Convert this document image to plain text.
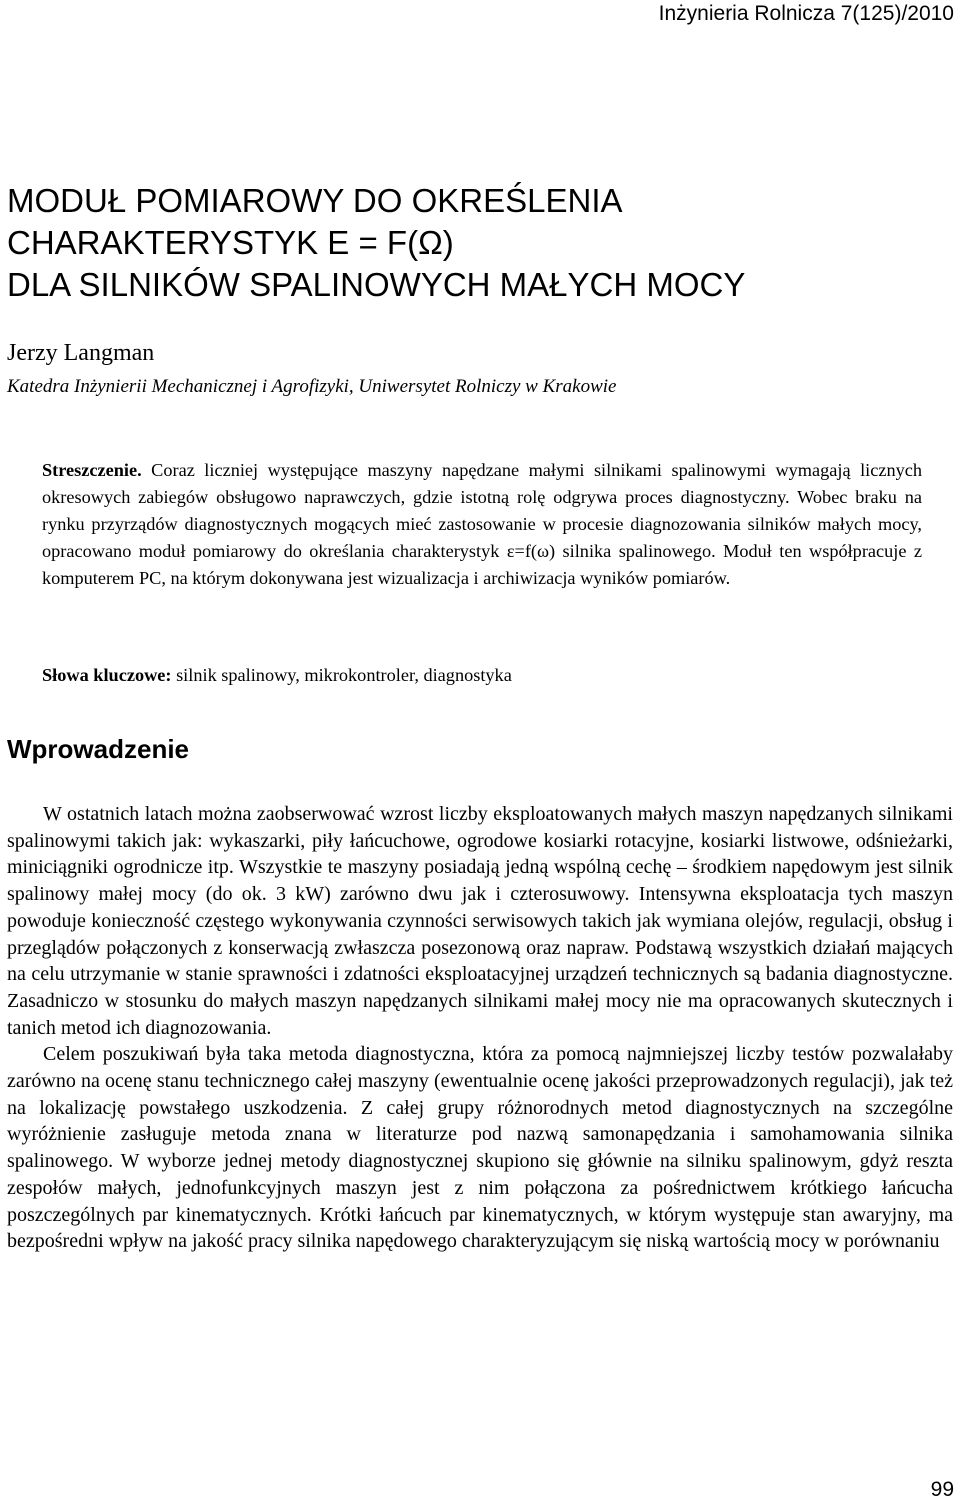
Inżynieria Rolnicza 7(125)/2010
MODUŁ POMIAROWY DO OKREŚLENIA
CHARAKTERYSTYK Ε = F(Ω)
DLA SILNIKÓW SPALINOWYCH MAŁYCH MOCY
Jerzy Langman
Katedra Inżynierii Mechanicznej i Agrofizyki, Uniwersytet Rolniczy w Krakowie

Streszczenie. Coraz liczniej występujące maszyny napędzane małymi silnikami spalinowymi wymagają licznych okresowych zabiegów obsługowo naprawczych, gdzie istotną rolę odgrywa proces diagnostyczny. Wobec braku na rynku przyrządów diagnostycznych mogących mieć zastosowanie w procesie diagnozowania silników małych mocy, opracowano moduł pomiarowy do określania charakterystyk ε=f(ω) silnika spalinowego. Moduł ten współpracuje z komputerem PC, na którym dokonywana jest wizualizacja i archiwizacja wyników pomiarów.

Słowa kluczowe: silnik spalinowy, mikrokontroler, diagnostyka

Wprowadzenie

W ostatnich latach można zaobserwować wzrost liczby eksploatowanych małych maszyn napędzanych silnikami spalinowymi takich jak: wykaszarki, piły łańcuchowe, ogrodowe kosiarki rotacyjne, kosiarki listwowe, odśnieżarki, miniciągniki ogrodnicze itp. Wszystkie te maszyny posiadają jedną wspólną cechę – środkiem napędowym jest silnik spalinowy małej mocy (do ok. 3 kW) zarówno dwu jak i czterosuwowy. Intensywna eksploatacja tych maszyn powoduje konieczność częstego wykonywania czynności serwisowych takich jak wymiana olejów, regulacji, obsług i przeglądów połączonych z konserwacją zwłaszcza posezonową oraz napraw. Podstawą wszystkich działań mających na celu utrzymanie w stanie sprawności i zdatności eksploatacyjnej urządzeń technicznych są badania diagnostyczne. Zasadniczo w stosunku do małych maszyn napędzanych silnikami małej mocy nie ma opracowanych skutecznych i tanich metod ich diagnozowania.

Celem poszukiwań była taka metoda diagnostyczna, która za pomocą najmniejszej liczby testów pozwalałaby zarówno na ocenę stanu technicznego całej maszyny (ewentualnie ocenę jakości przeprowadzonych regulacji), jak też na lokalizację powstałego uszkodzenia. Z całej grupy różnorodnych metod diagnostycznych na szczególne wyróżnienie zasługuje metoda znana w literaturze pod nazwą samonapędzania i samohamowania silnika spalinowego. W wyborze jednej metody diagnostycznej skupiono się głównie na silniku spalinowym, gdyż reszta zespołów małych, jednofunkcyjnych maszyn jest z nim połączona za pośrednictwem krótkiego łańcucha poszczególnych par kinematycznych. Krótki łańcuch par kinematycznych, w którym występuje stan awaryjny, ma bezpośredni wpływ na jakość pracy silnika napędowego charakteryzującym się niską wartością mocy w porównaniu

99
